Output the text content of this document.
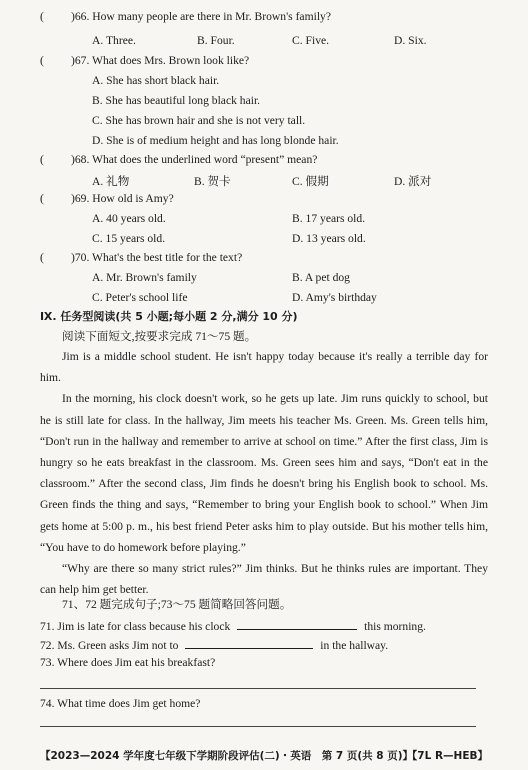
( )66. How many people are there in Mr. Brown's family?
A. Three.	B. Four.	C. Five.	D. Six.
( )67. What does Mrs. Brown look like?
A. She has short black hair.
B. She has beautiful long black hair.
C. She has brown hair and she is not very tall.
D. She is of medium height and has long blonde hair.
( )68. What does the underlined word “present” mean?
A. 礼物	B. 贺卡	C. 假期	D. 派对
( )69. How old is Amy?
A. 40 years old.	B. 17 years old.
C. 15 years old.	D. 13 years old.
( )70. What's the best title for the text?
A. Mr. Brown's family	B. A pet dog
C. Peter's school life	D. Amy's birthday
Ⅸ. 任务型阅读(共 5 小题;每小题 2 分,满分 10 分)
阅读下面短文,按要求完成 71～75 题。

Jim is a middle school student. He isn't happy today because it's really a terrible day for him.

In the morning, his clock doesn't work, so he gets up late. Jim runs quickly to school, but he is still late for class. In the hallway, Jim meets his teacher Ms. Green. Ms. Green tells him, “Don't run in the hallway and remember to arrive at school on time.” After the first class, Jim is hungry so he eats breakfast in the classroom. Ms. Green sees him and says, “Don't eat in the classroom.” After the second class, Jim finds he doesn't bring his English book to school. Ms. Green finds the thing and says, “Remember to bring your English book to school.” When Jim gets home at 5:00 p. m., his best friend Peter asks him to play outside. But his mother tells him, “You have to do homework before playing.”

“Why are there so many strict rules?” Jim thinks. But he thinks rules are important. They can help him get better.

71、72 题完成句子;73～75 题简略回答问题。
71. Jim is late for class because his clock	this morning.
72. Ms. Green asks Jim not to	in the hallway.
73. Where does Jim eat his breakfast?
74. What time does Jim get home?
【2023—2024 学年度七年级下学期阶段评估(二)・英语　第 7 页(共 8 页)】
【7L R—HEB】
